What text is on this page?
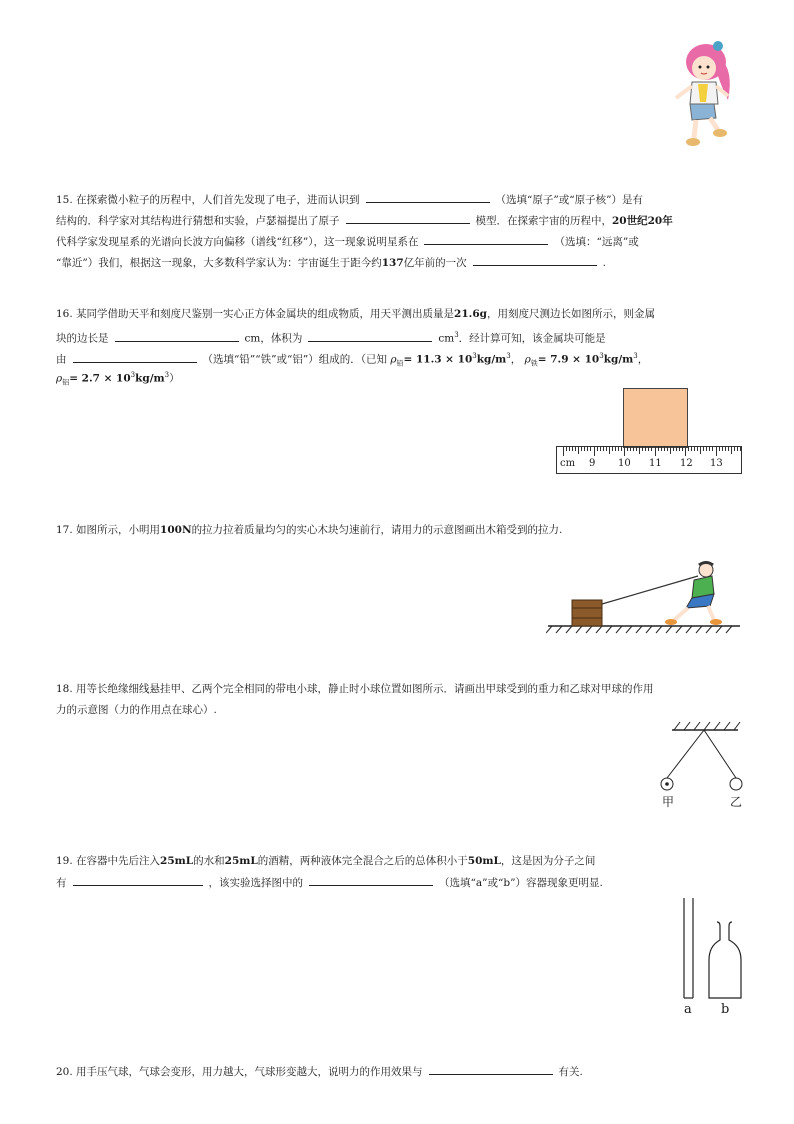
15. 在探索微小粒子的历程中，人们首先发现了电子，进而认识到	（选填“原子”或“原子核”）是有
结构的．科学家对其结构进行猜想和实验，卢瑟福提出了原子	模型．在探索宇宙的历程中，20世纪20年
代科学家发现星系的光谱向长波方向偏移（谱线“红移”），这一现象说明星系在	（选填：“远离”或
“靠近”）我们，根据这一现象，大多数科学家认为：宇宙诞生于距今约137亿年前的一次	.
16. 某同学借助天平和刻度尺鉴别一实心正方体金属块的组成物质，用天平测出质量是21.6g，用刻度尺测边长如图所示，则金属
块的边长是	cm，体积为	$cm^3$．经计算可知，该金属块可能是
由	（选填“铅”“铁”或“铝”）组成的．（已知 $\rho_铅= 11.3 \times 10^3kg/m^3$， $\rho_铁= 7.9 \times 10^3kg/m^3$，
$\rho_铝= 2.7 \times 10^3kg/m^3$）
cm 9 10 11 12 13
17. 如图所示，小明用100N的拉力拉着质量均匀的实心木块匀速前行，请用力的示意图画出木箱受到的拉力.
18. 用等长绝缘细线悬挂甲、乙两个完全相同的带电小球，静止时小球位置如图所示．请画出甲球受到的重力和乙球对甲球的作用
力的示意图（力的作用点在球心）.
甲	乙
19. 在容器中先后注入25mL的水和25mL的酒精，两种液体完全混合之后的总体积小于50mL，这是因为分子之间
有	，该实验选择图中的	（选填“a”或“b”）容器现象更明显.
a b
20. 用手压气球，气球会变形，用力越大，气球形变越大，说明力的作用效果与	有关.
